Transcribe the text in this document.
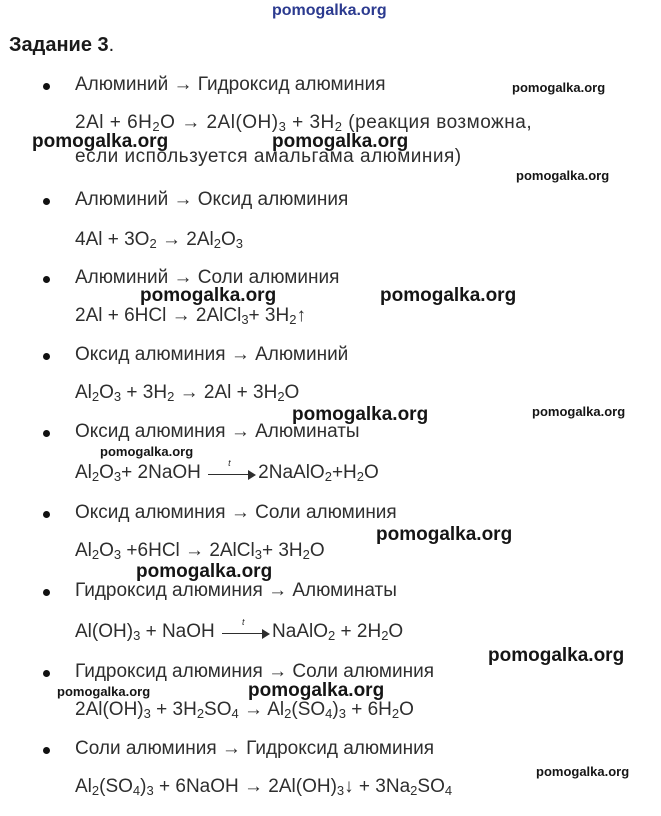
pomogalka.org
Задание 3.
Алюминий → Гидроксид алюминия
$2Al + 6H_2O \to 2Al(OH)_3 + 3H_2$ (реакция возможна,
если используется амальгама алюминия)
Алюминий → Оксид алюминия
$4Al + 3O_2 \to 2Al_2O_3$
Алюминий → Соли алюминия
2Al + 6HCl → 2AlCl$_3$+ $3H_2↑$
Оксид алюминия → Алюминий
$Al_2O_3 + 3H_2 \to 2Al + 3H_2O$
Оксид алюминия → Алюминаты
$Al_2O_3+$ 2NaOH t $2NaAlO_2+H_2O$
Оксид алюминия → Соли алюминия
$Al_2O_3 +6HCl$ → 2AlCl$_3$+ $3H_2O$
Гидроксид алюминия → Алюминаты
$Al(OH)_3$ + NaOH t NaAlO$_2$ + $2H_2O$
Гидроксид алюминия → Соли алюминия
$2Al(OH)_3 + 3H_2SO_4 \to Al_2(SO_4)_3 + 6H_2O$
Соли алюминия → Гидроксид алюминия
$Al_2(SO_4)_3$ + 6NaOH → $2Al(OH)_3↓ + 3Na_2SO_4$
pomogalka.org
pomogalka.org	pomogalka.org
pomogalka.org
pomogalka.org	pomogalka.org
pomogalka.org	pomogalka.org
pomogalka.org
pomogalka.org
pomogalka.org
pomogalka.org
pomogalka.org	pomogalka.org
pomogalka.org
